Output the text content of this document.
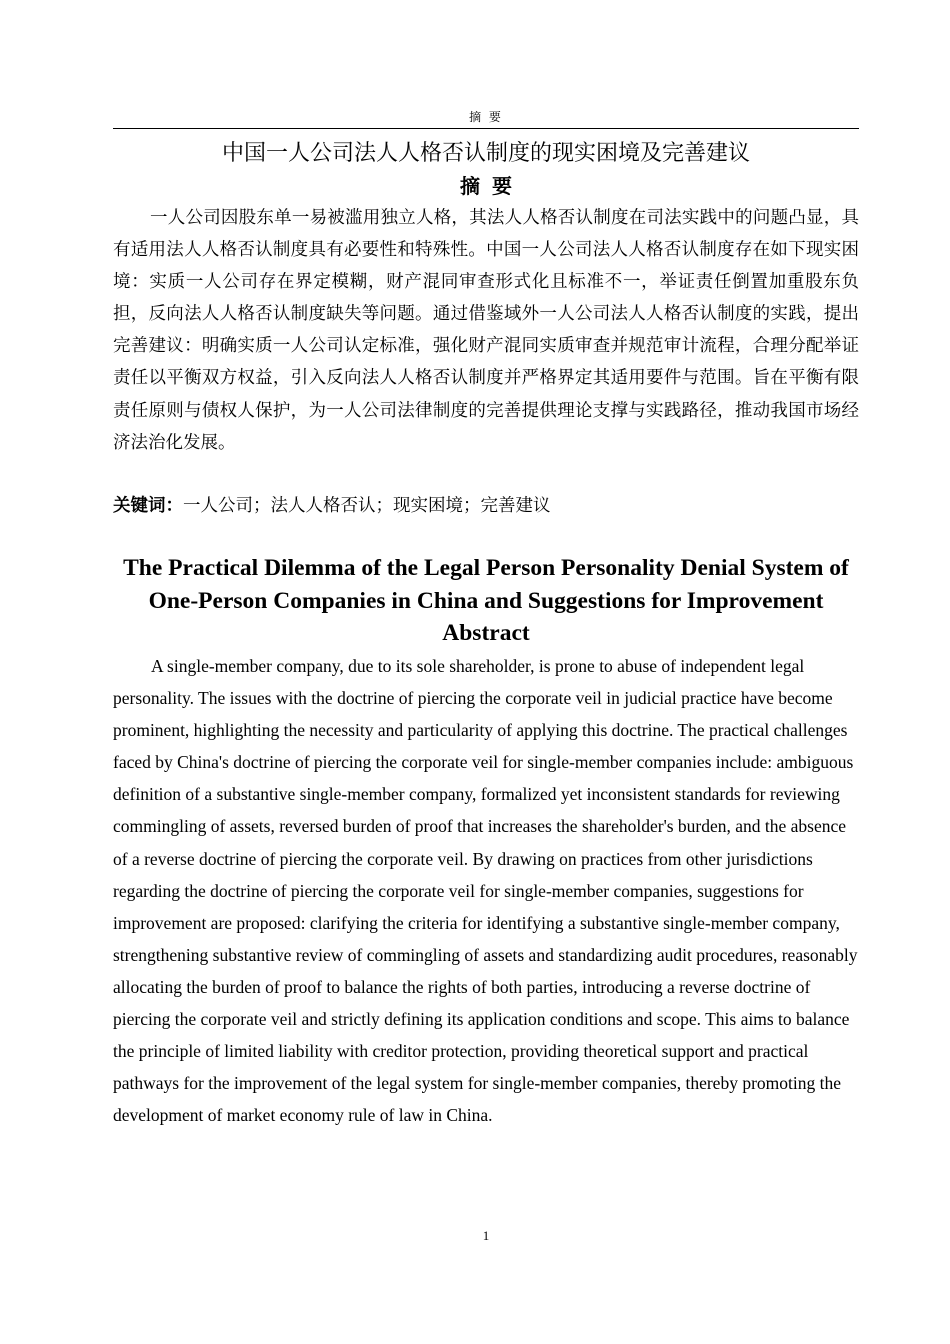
摘 要
中国一人公司法人人格否认制度的现实困境及完善建议
摘要

一人公司因股东单一易被滥用独立人格，其法人人格否认制度在司法实践中的问题凸显，具有适用法人人格否认制度具有必要性和特殊性。中国一人公司法人人格否认制度存在如下现实困境：实质一人公司存在界定模糊，财产混同审查形式化且标准不一，举证责任倒置加重股东负担，反向法人人格否认制度缺失等问题。通过借鉴域外一人公司法人人格否认制度的实践，提出完善建议：明确实质一人公司认定标准，强化财产混同实质审查并规范审计流程，合理分配举证责任以平衡双方权益，引入反向法人人格否认制度并严格界定其适用要件与范围。旨在平衡有限责任原则与债权人保护，为一人公司法律制度的完善提供理论支撑与实践路径，推动我国市场经济法治化发展。

关键词：一人公司；法人人格否认；现实困境；完善建议
The Practical Dilemma of the Legal Person Personality Denial System of One-Person Companies in China and Suggestions for Improvement
Abstract

A single-member company, due to its sole shareholder, is prone to abuse of independent legal personality. The issues with the doctrine of piercing the corporate veil in judicial practice have become prominent, highlighting the necessity and particularity of applying this doctrine. The practical challenges faced by China's doctrine of piercing the corporate veil for single-member companies include: ambiguous definition of a substantive single-member company, formalized yet inconsistent standards for reviewing commingling of assets, reversed burden of proof that increases the shareholder's burden, and the absence of a reverse doctrine of piercing the corporate veil. By drawing on practices from other jurisdictions regarding the doctrine of piercing the corporate veil for single-member companies, suggestions for improvement are proposed: clarifying the criteria for identifying a substantive single-member company, strengthening substantive review of commingling of assets and standardizing audit procedures, reasonably allocating the burden of proof to balance the rights of both parties, introducing a reverse doctrine of piercing the corporate veil and strictly defining its application conditions and scope. This aims to balance the principle of limited liability with creditor protection, providing theoretical support and practical pathways for the improvement of the legal system for single-member companies, thereby promoting the development of market economy rule of law in China.

1
